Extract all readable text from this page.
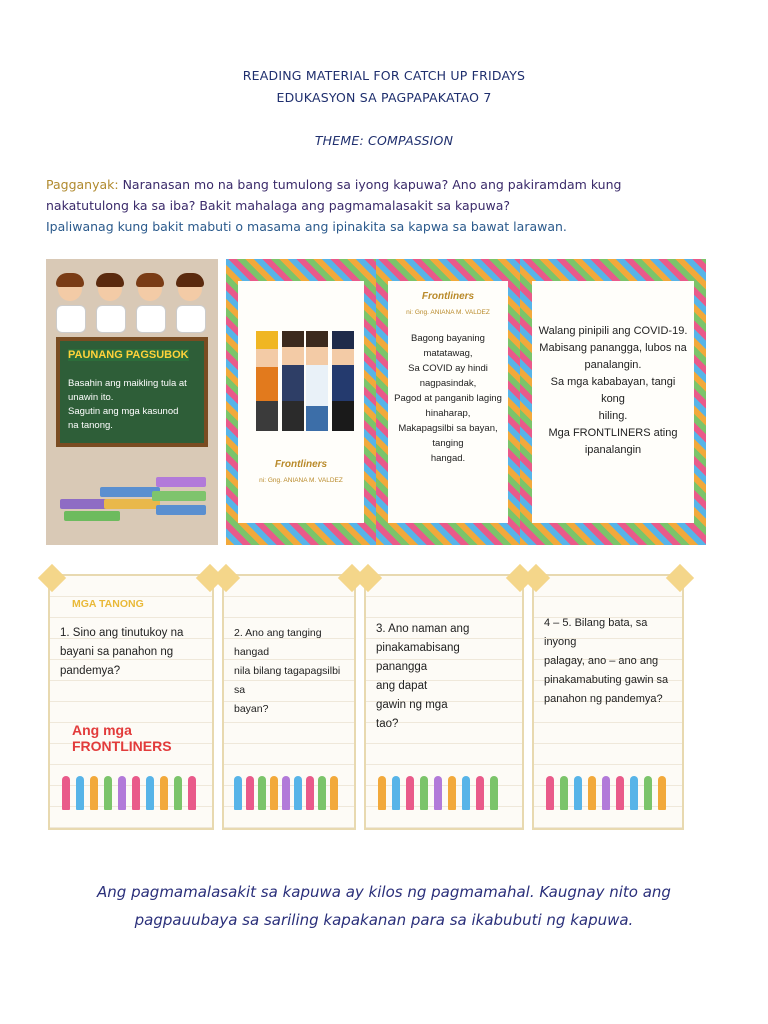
READING MATERIAL FOR CATCH UP FRIDAYS
EDUKASYON SA PAGPAPAKATAO 7
THEME: COMPASSION
Pagganyak: Naranasan mo na bang tumulong sa iyong kapuwa? Ano ang pakiramdam kung
nakatutulong ka sa iba? Bakit mahalaga ang pagmamalasakit sa kapuwa?
Ipaliwanag kung bakit mabuti o masama ang ipinakita sa kapwa sa bawat larawan.
PAUNANG PAGSUBOK
Basahin ang maikling tula at unawin ito.
Sagutin ang mga kasunod
na tanong.
Frontliners
ni: Gng. ANIANA M. VALDEZ
Frontliners
ni: Gng. ANIANA M. VALDEZ
Bagong bayaning matatawag,
Sa COVID ay hindi nagpasindak,
Pagod at panganib laging
hinaharap,
Makapagsilbi sa bayan, tanging
hangad.
Walang pinipili ang COVID-19.
Mabisang panangga, lubos na
panalangin.
Sa mga kababayan, tangi kong
hiling.
Mga FRONTLINERS ating
ipanalangin
MGA TANONG
1. Sino ang tinutukoy na
bayani sa panahon ng
pandemya?
Ang mga FRONTLINERS
2. Ano ang tanging hangad
nila bilang tagapagsilbi sa
bayan?
3. Ano naman ang
pinakamabisang panangga
ang dapat
gawin ng mga
tao?
4 – 5. Bilang bata, sa inyong
palagay, ano – ano ang
pinakamabuting gawin sa
panahon ng pandemya?
Ang pagmamalasakit sa kapuwa ay kilos ng pagmamahal. Kaugnay nito ang
pagpauubaya sa sariling kapakanan para sa ikabubuti ng kapuwa.
